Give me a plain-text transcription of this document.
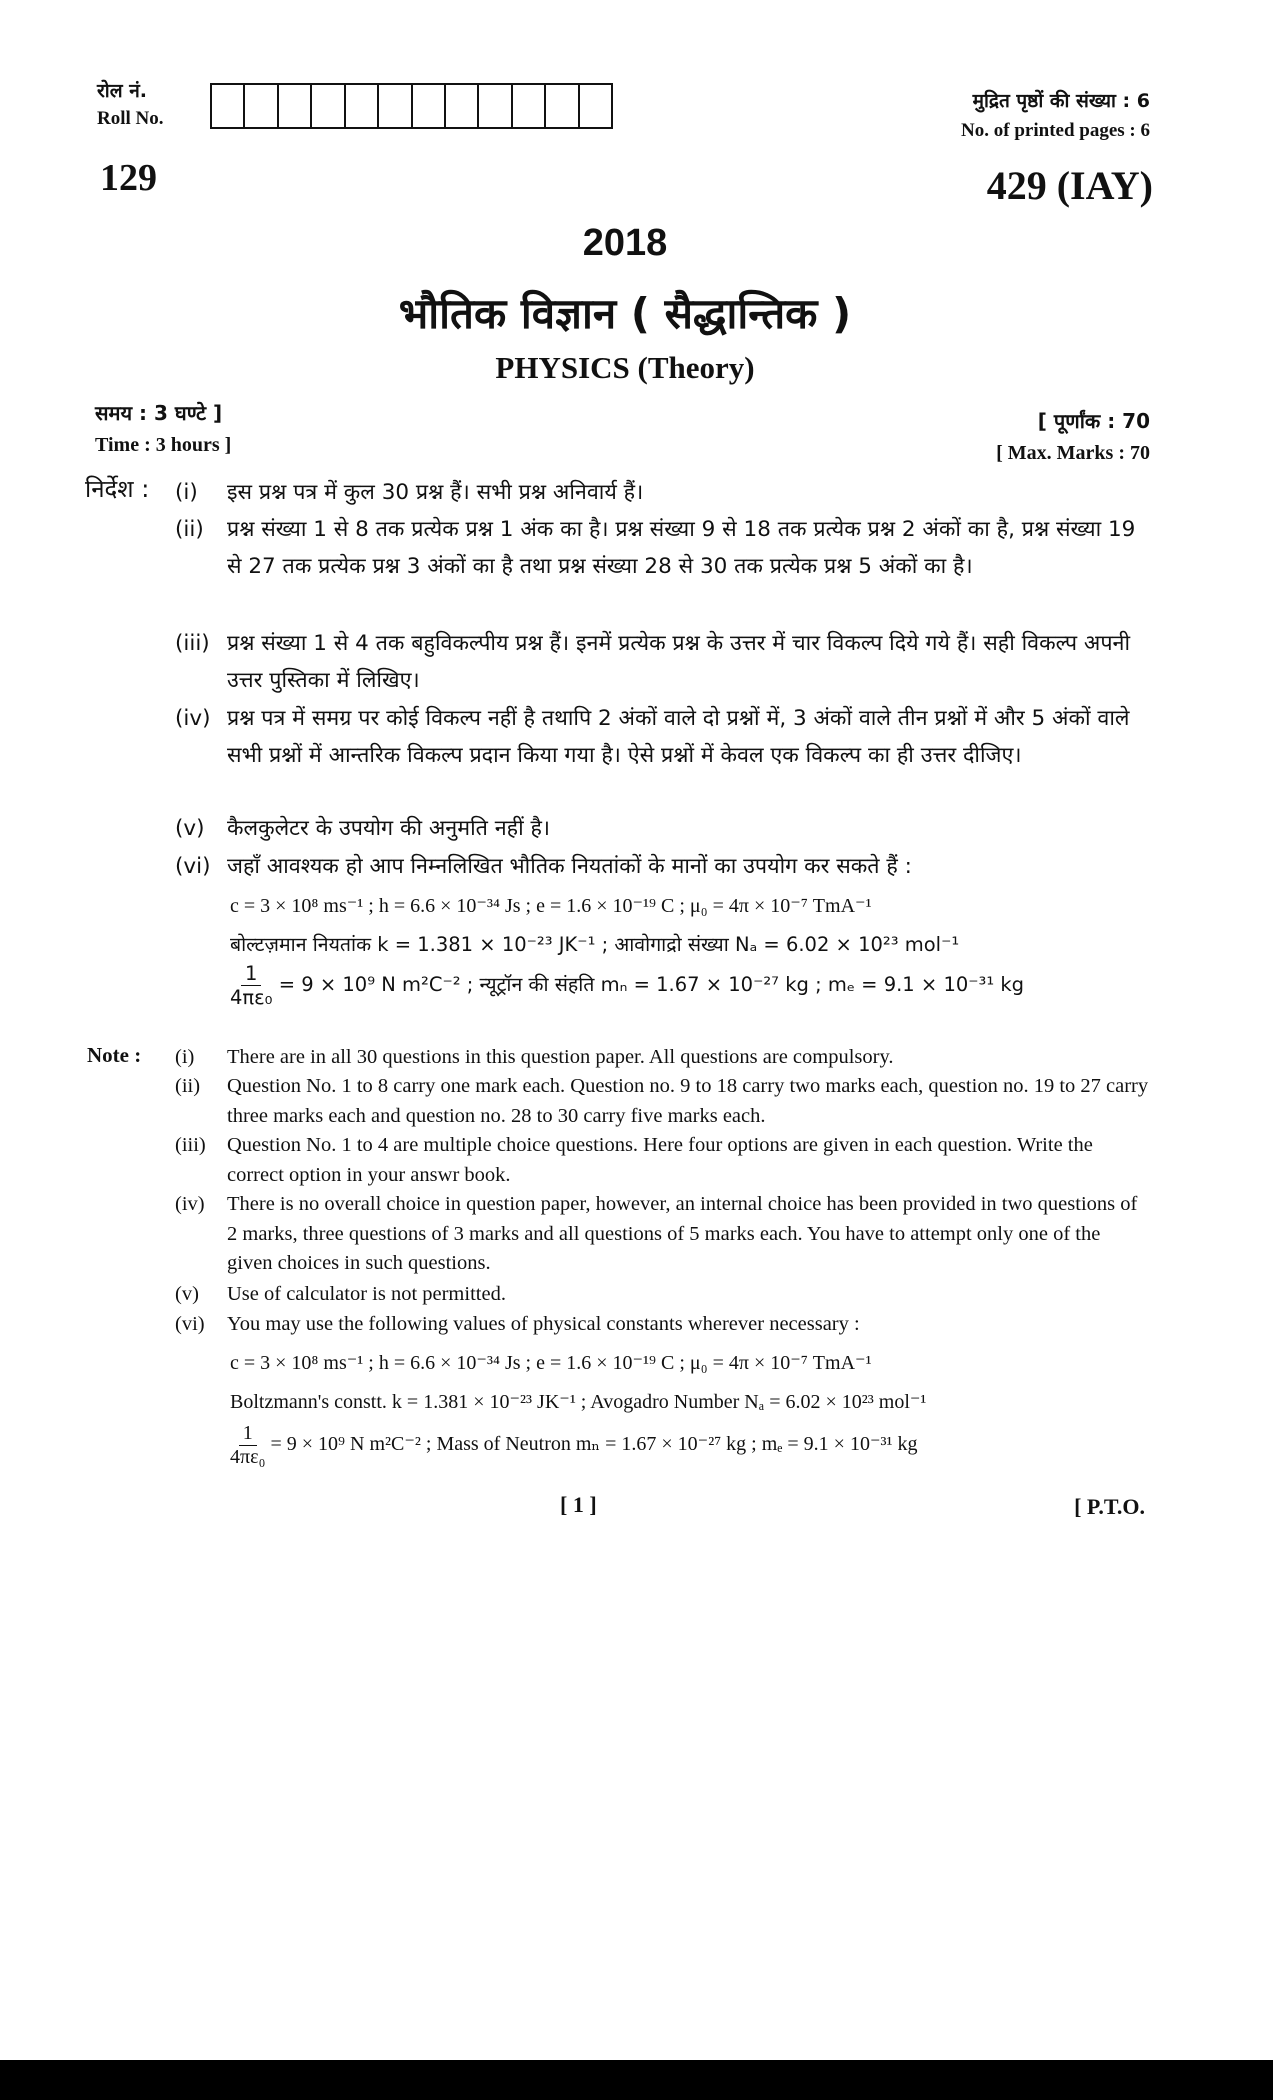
रोल नं.
Roll No.
मुद्रित पृष्ठों की संख्या : 6
No. of printed pages : 6
129	429 (IAY)
2018
भौतिक विज्ञान ( सैद्धान्तिक )
PHYSICS (Theory)
समय : 3 घण्टे ]
Time : 3 hours ]
[ पूर्णांक : 70
[ Max. Marks : 70
निर्देश : (i)	इस प्रश्न पत्र में कुल 30 प्रश्न हैं। सभी प्रश्न अनिवार्य हैं।
(ii)	प्रश्न संख्या 1 से 8 तक प्रत्येक प्रश्न 1 अंक का है। प्रश्न संख्या 9 से 18 तक प्रत्येक प्रश्न 2 अंकों का है, प्रश्न संख्या 19 से 27 तक प्रत्येक प्रश्न 3 अंकों का है तथा प्रश्न संख्या 28 से 30 तक प्रत्येक प्रश्न 5 अंकों का है।
(iii) प्रश्न संख्या 1 से 4 तक बहुविकल्पीय प्रश्न हैं। इनमें प्रत्येक प्रश्न के उत्तर में चार विकल्प दिये गये हैं। सही विकल्प अपनी उत्तर पुस्तिका में लिखिए।
(iv) प्रश्न पत्र में समग्र पर कोई विकल्प नहीं है तथापि 2 अंकों वाले दो प्रश्नों में, 3 अंकों वाले तीन प्रश्नों में और 5 अंकों वाले सभी प्रश्नों में आन्तरिक विकल्प प्रदान किया गया है। ऐसे प्रश्नों में केवल एक विकल्प का ही उत्तर दीजिए।
(v)	कैलकुलेटर के उपयोग की अनुमति नहीं है।
(vi) जहाँ आवश्यक हो आप निम्नलिखित भौतिक नियतांकों के मानों का उपयोग कर सकते हैं :
c = 3 × 10⁸ ms⁻¹ ; h = 6.6 × 10⁻³⁴ Js ; e = 1.6 × 10⁻¹⁹ C ; μ₀ = 4π × 10⁻⁷ TmA⁻¹
बोल्टज़मान नियतांक k = 1.381 × 10⁻²³ JK⁻¹ ; आवोगाद्रो संख्या Nₐ = 6.02 × 10²³ mol⁻¹
$\frac{1}{\text{4πε₀}} = 9 \times 10^9$ N m²C⁻² ; न्यूट्रॉन की संहति mₙ = 1.67 × 10⁻²⁷ kg ; mₑ = 9.1 × 10⁻³¹ kg
Note : (i)	There are in all 30 questions in this question paper. All questions are compulsory.
(ii)	Question No. 1 to 8 carry one mark each. Question no. 9 to 18 carry two marks each, question no. 19 to 27 carry three marks each and question no. 28 to 30 carry five marks each.
(iii)	Question No. 1 to 4 are multiple choice questions. Here four options are given in each question. Write the correct option in your answr book.
(iv)	There is no overall choice in question paper, however, an internal choice has been provided in two questions of 2 marks, three questions of 3 marks and all questions of 5 marks each. You have to attempt only one of the given choices in such questions.
(v)	Use of calculator is not permitted.
(vi)	You may use the following values of physical constants wherever necessary :
c = 3 × 10⁸ ms⁻¹ ; h = 6.6 × 10⁻³⁴ Js ; e = 1.6 × 10⁻¹⁹ C ; μ₀ = 4π × 10⁻⁷ TmA⁻¹
Boltzmann's constt. k = 1.381 × 10⁻²³ JK⁻¹ ; Avogadro Number Nₐ = 6.02 × 10²³ mol⁻¹
$\frac{1}{\text{4πε₀}} = 9 \times 10^9$ N m²C⁻² ; Mass of Neutron mₙ = 1.67 × 10⁻²⁷ kg ; mₑ = 9.1 × 10⁻³¹ kg
[ 1 ]	[ P.T.O.
